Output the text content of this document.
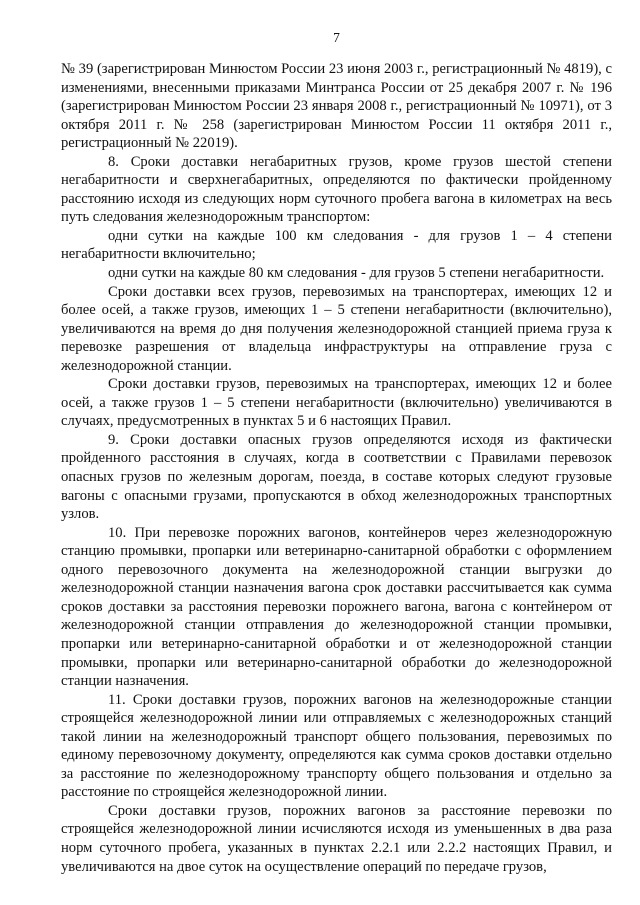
7

№ 39 (зарегистрирован Минюстом России 23 июня 2003 г., регистрационный № 4819), с изменениями, внесенными приказами Минтранса России от 25 декабря 2007 г. № 196 (зарегистрирован Минюстом России 23 января 2008 г., регистрационный № 10971), от 3 октября 2011 г. № 258 (зарегистрирован Минюстом России 11 октября 2011 г., регистрационный № 22019).

8. Сроки доставки негабаритных грузов, кроме грузов шестой степени негабаритности и сверхнегабаритных, определяются по фактически пройденному расстоянию исходя из следующих норм суточного пробега вагона в километрах на весь путь следования железнодорожным транспортом:

одни сутки на каждые 100 км следования - для грузов 1 – 4 степени негабаритности включительно;

одни сутки на каждые 80 км следования - для грузов 5 степени негабаритности.

Сроки доставки всех грузов, перевозимых на транспортерах, имеющих 12 и более осей, а также грузов, имеющих 1 – 5 степени негабаритности (включительно), увеличиваются на время до дня получения железнодорожной станцией приема груза к перевозке разрешения от владельца инфраструктуры на отправление груза с железнодорожной станции.

Сроки доставки грузов, перевозимых на транспортерах, имеющих 12 и более осей, а также грузов 1 – 5 степени негабаритности (включительно) увеличиваются в случаях, предусмотренных в пунктах 5 и 6 настоящих Правил.

9. Сроки доставки опасных грузов определяются исходя из фактически пройденного расстояния в случаях, когда в соответствии с Правилами перевозок опасных грузов по железным дорогам, поезда, в составе которых следуют грузовые вагоны с опасными грузами, пропускаются в обход железнодорожных транспортных узлов.

10. При перевозке порожних вагонов, контейнеров через железнодорожную станцию промывки, пропарки или ветеринарно-санитарной обработки с оформлением одного перевозочного документа на железнодорожной станции выгрузки до железнодорожной станции назначения вагона срок доставки рассчитывается как сумма сроков доставки за расстояния перевозки порожнего вагона, вагона с контейнером от железнодорожной станции отправления до железнодорожной станции промывки, пропарки или ветеринарно-санитарной обработки и от железнодорожной станции промывки, пропарки или ветеринарно-санитарной обработки до железнодорожной станции назначения.

11. Сроки доставки грузов, порожних вагонов на железнодорожные станции строящейся железнодорожной линии или отправляемых с железнодорожных станций такой линии на железнодорожный транспорт общего пользования, перевозимых по единому перевозочному документу, определяются как сумма сроков доставки отдельно за расстояние по железнодорожному транспорту общего пользования и отдельно за расстояние по строящейся железнодорожной линии.

Сроки доставки грузов, порожних вагонов за расстояние перевозки по строящейся железнодорожной линии исчисляются исходя из уменьшенных в два раза норм суточного пробега, указанных в пунктах 2.2.1 или 2.2.2 настоящих Правил, и увеличиваются на двое суток на осуществление операций по передаче грузов,
